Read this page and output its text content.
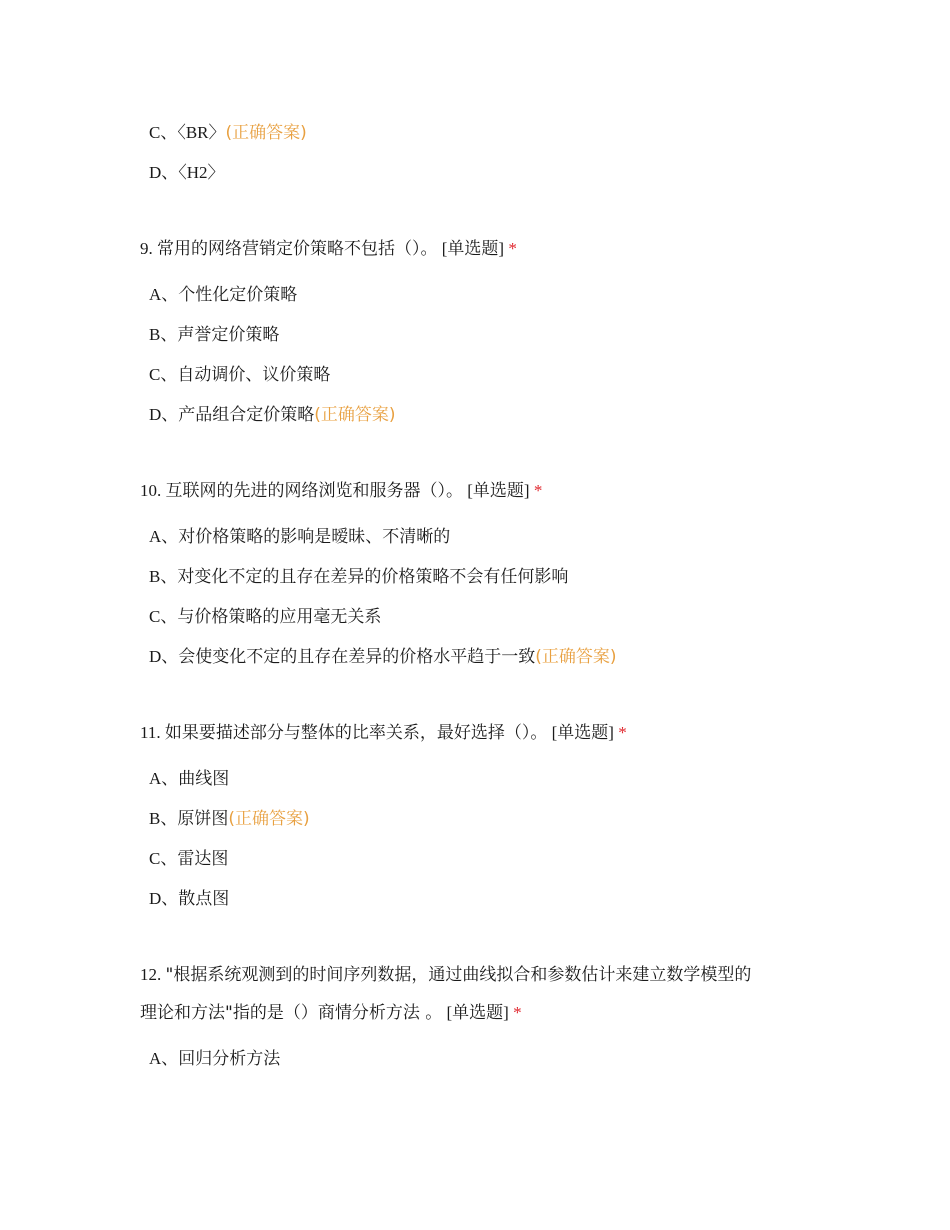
C、〈BR〉(正确答案)
D、〈H2〉
9. 常用的网络营销定价策略不包括（）。 [单选题] *
A、个性化定价策略
B、声誉定价策略
C、自动调价、议价策略
D、产品组合定价策略(正确答案)
10. 互联网的先进的网络浏览和服务器（）。 [单选题] *
A、对价格策略的影响是暧昧、不清晰的
B、对变化不定的且存在差异的价格策略不会有任何影响
C、与价格策略的应用毫无关系
D、会使变化不定的且存在差异的价格水平趋于一致(正确答案)
11. 如果要描述部分与整体的比率关系，最好选择（）。 [单选题] *
A、曲线图
B、原饼图(正确答案)
C、雷达图
D、散点图
12. "根据系统观测到的时间序列数据，通过曲线拟合和参数估计来建立数学模型的
理论和方法"指的是（）商情分析方法 。 [单选题] *
A、回归分析方法
